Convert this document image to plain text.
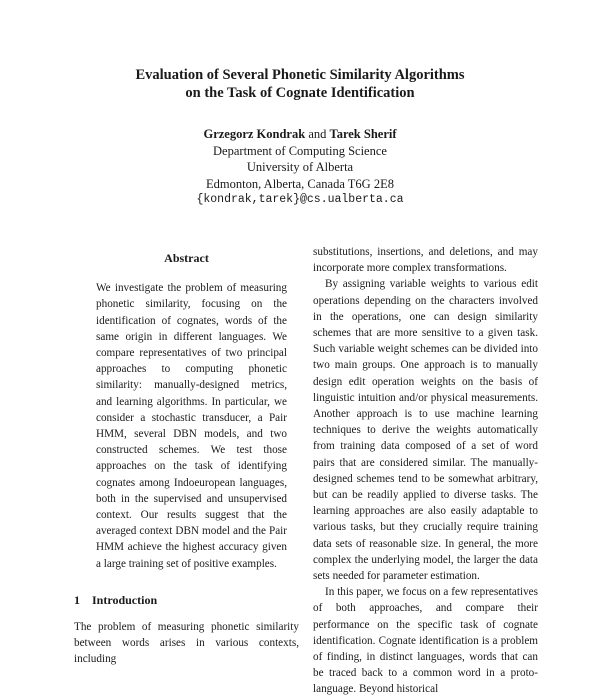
Evaluation of Several Phonetic Similarity Algorithms
on the Task of Cognate Identification
Grzegorz Kondrak and Tarek Sherif
Department of Computing Science
University of Alberta
Edmonton, Alberta, Canada T6G 2E8
{kondrak,tarek}@cs.ualberta.ca
Abstract

We investigate the problem of measuring phonetic similarity, focusing on the identification of cognates, words of the same origin in different languages. We compare representatives of two principal approaches to computing phonetic similarity: manually-designed metrics, and learning algorithms. In particular, we consider a stochastic transducer, a Pair HMM, several DBN models, and two constructed schemes. We test those approaches on the task of identifying cognates among Indoeuropean languages, both in the supervised and unsupervised context. Our results suggest that the averaged context DBN model and the Pair HMM achieve the highest accuracy given a large training set of positive examples.

1 Introduction

The problem of measuring phonetic similarity between words arises in various contexts, including

substitutions, insertions, and deletions, and may incorporate more complex transformations.

By assigning variable weights to various edit operations depending on the characters involved in the operations, one can design similarity schemes that are more sensitive to a given task. Such variable weight schemes can be divided into two main groups. One approach is to manually design edit operation weights on the basis of linguistic intuition and/or physical measurements. Another approach is to use machine learning techniques to derive the weights automatically from training data composed of a set of word pairs that are considered similar. The manually-designed schemes tend to be somewhat arbitrary, but can be readily applied to diverse tasks. The learning approaches are also easily adaptable to various tasks, but they crucially require training data sets of reasonable size. In general, the more complex the underlying model, the larger the data sets needed for parameter estimation.

In this paper, we focus on a few representatives of both approaches, and compare their performance on the specific task of cognate identification. Cognate identification is a problem of finding, in distinct languages, words that can be traced back to a common word in a proto-language. Beyond historical
